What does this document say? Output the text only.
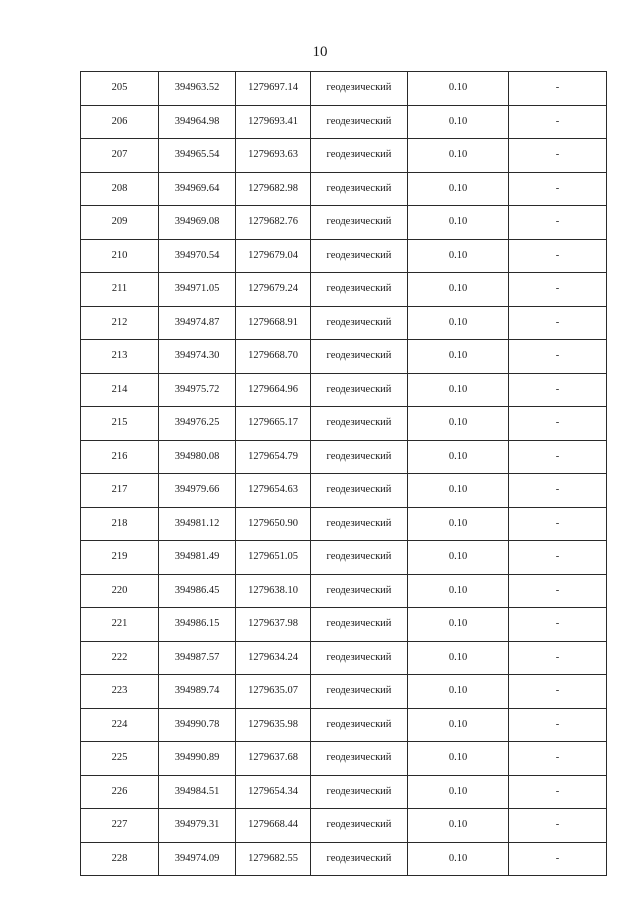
10
205	394963.52	1279697.14	геодезический	0.10	-
206	394964.98	1279693.41	геодезический	0.10	-
207	394965.54	1279693.63	геодезический	0.10	-
208	394969.64	1279682.98	геодезический	0.10	-
209	394969.08	1279682.76	геодезический	0.10	-
210	394970.54	1279679.04	геодезический	0.10	-
211	394971.05	1279679.24	геодезический	0.10	-
212	394974.87	1279668.91	геодезический	0.10	-
213	394974.30	1279668.70	геодезический	0.10	-
214	394975.72	1279664.96	геодезический	0.10	-
215	394976.25	1279665.17	геодезический	0.10	-
216	394980.08	1279654.79	геодезический	0.10	-
217	394979.66	1279654.63	геодезический	0.10	-
218	394981.12	1279650.90	геодезический	0.10	-
219	394981.49	1279651.05	геодезический	0.10	-
220	394986.45	1279638.10	геодезический	0.10	-
221	394986.15	1279637.98	геодезический	0.10	-
222	394987.57	1279634.24	геодезический	0.10	-
223	394989.74	1279635.07	геодезический	0.10	-
224	394990.78	1279635.98	геодезический	0.10	-
225	394990.89	1279637.68	геодезический	0.10	-
226	394984.51	1279654.34	геодезический	0.10	-
227	394979.31	1279668.44	геодезический	0.10	-
228	394974.09	1279682.55	геодезический	0.10	-
